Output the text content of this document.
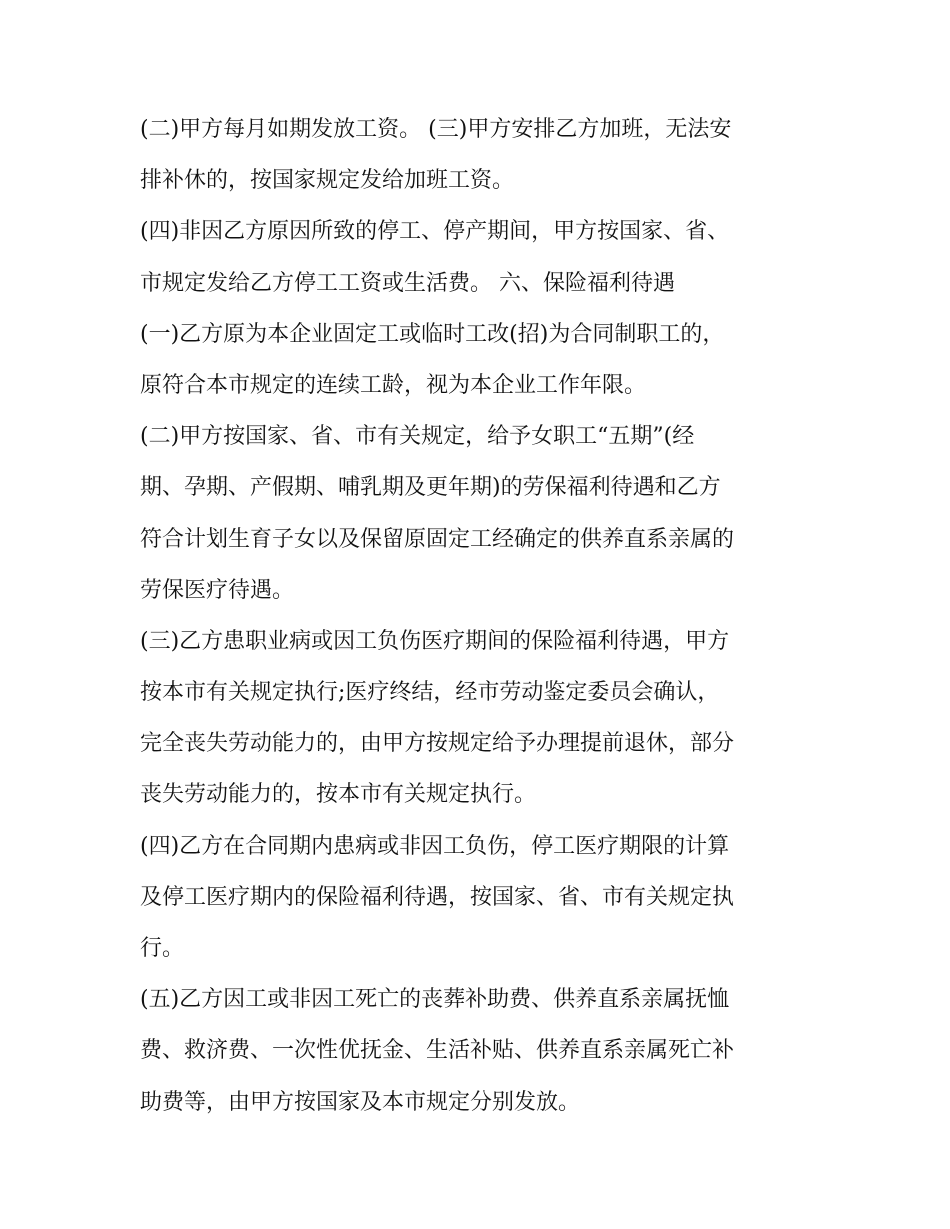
(二)甲方每月如期发放工资。 (三)甲方安排乙方加班，无法安

排补休的，按国家规定发给加班工资。

(四)非因乙方原因所致的停工、停产期间，甲方按国家、省、

市规定发给乙方停工工资或生活费。 六、保险福利待遇

(一)乙方原为本企业固定工或临时工改(招)为合同制职工的，

原符合本市规定的连续工龄，视为本企业工作年限。

(二)甲方按国家、省、市有关规定，给予女职工“五期”(经

期、孕期、产假期、哺乳期及更年期)的劳保福利待遇和乙方

符合计划生育子女以及保留原固定工经确定的供养直系亲属的

劳保医疗待遇。

(三)乙方患职业病或因工负伤医疗期间的保险福利待遇，甲方

按本市有关规定执行;医疗终结，经市劳动鉴定委员会确认，

完全丧失劳动能力的，由甲方按规定给予办理提前退休，部分

丧失劳动能力的，按本市有关规定执行。

(四)乙方在合同期内患病或非因工负伤，停工医疗期限的计算

及停工医疗期内的保险福利待遇，按国家、省、市有关规定执

行。

(五)乙方因工或非因工死亡的丧葬补助费、供养直系亲属抚恤

费、救济费、一次性优抚金、生活补贴、供养直系亲属死亡补

助费等，由甲方按国家及本市规定分别发放。
